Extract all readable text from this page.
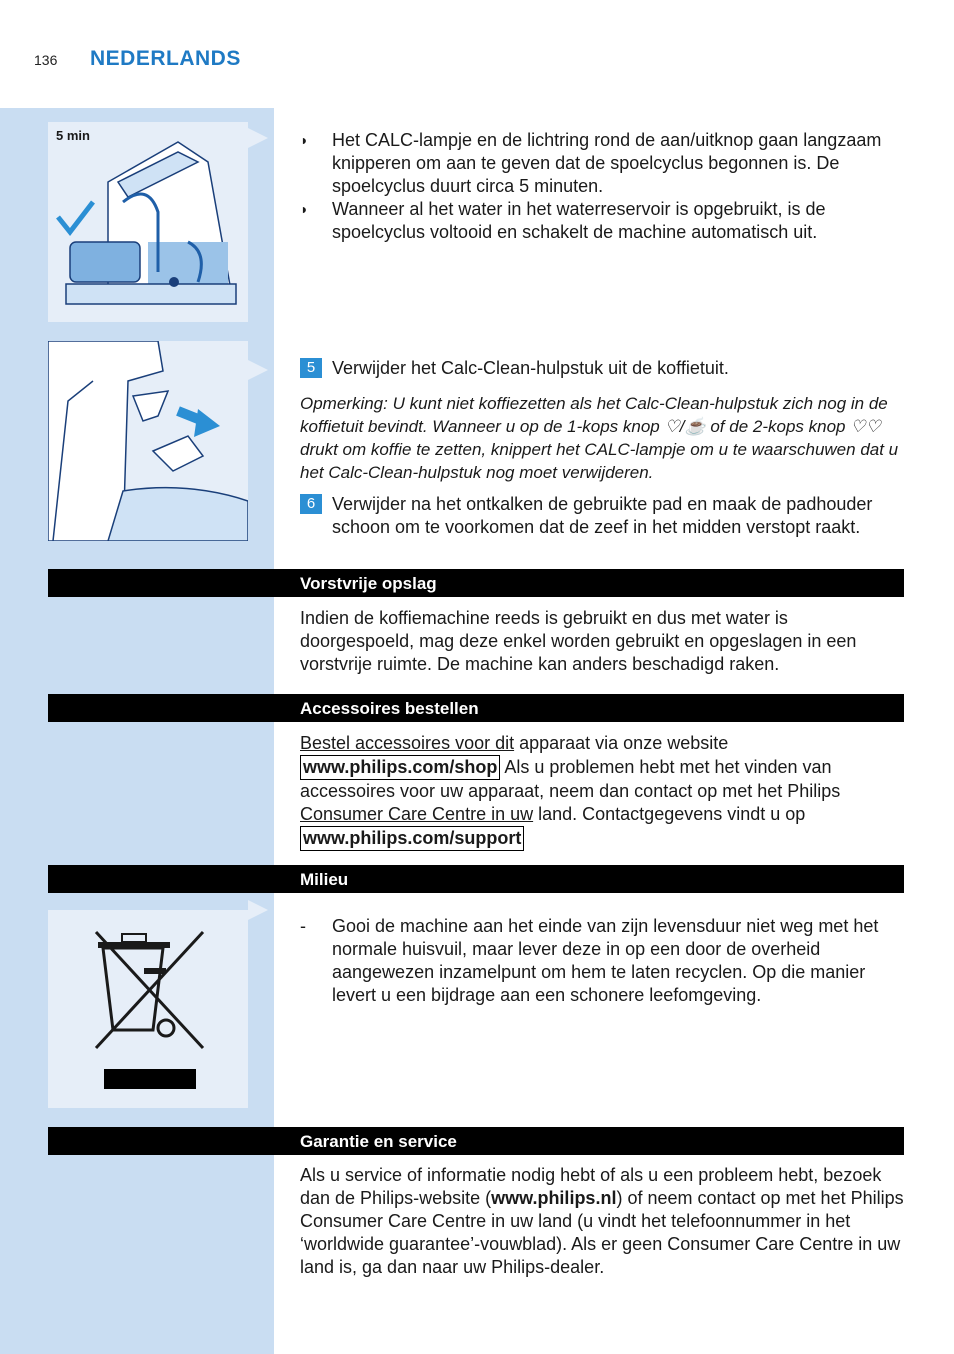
136 NEDERLANDS
5 min	◗ Het CALC-lampje en de lichtring rond de aan/uitknop gaan langzaam knipperen om aan te geven dat de spoelcyclus begonnen is. De spoelcyclus duurt circa 5 minuten.
◗ Wanneer al het water in het waterreservoir is opgebruikt, is de spoelcyclus voltooid en schakelt de machine automatisch uit.
5 Verwijder het Calc-Clean-hulpstuk uit de koffietuit.
Opmerking: U kunt niet koffiezetten als het Calc-Clean-hulpstuk zich nog in de koffietuit bevindt. Wanneer u op de 1-kops knop ♡/☕ of de 2-kops knop ♡♡ drukt om koffie te zetten, knippert het CALC-lampje om u te waarschuwen dat u het Calc-Clean-hulpstuk nog moet verwijderen.
6 Verwijder na het ontkalken de gebruikte pad en maak de padhouder schoon om te voorkomen dat de zeef in het midden verstopt raakt.
Vorstvrije opslag
Indien de koffiemachine reeds is gebruikt en dus met water is doorgespoeld, mag deze enkel worden gebruikt en opgeslagen in een vorstvrije ruimte. De machine kan anders beschadigd raken.
Accessoires bestellen
Bestel accessoires voor dit apparaat via onze website
www.philips.com/shop Als u problemen hebt met het vinden van accessoires voor uw apparaat, neem dan contact op met het Philips Consumer Care Centre in uw land. Contactgegevens vindt u op
www.philips.com/support
Milieu
- Gooi de machine aan het einde van zijn levensduur niet weg met het normale huisvuil, maar lever deze in op een door de overheid aangewezen inzamelpunt om hem te laten recyclen. Op die manier levert u een bijdrage aan een schonere leefomgeving.
Garantie en service
Als u service of informatie nodig hebt of als u een probleem hebt, bezoek dan de Philips-website (www.philips.nl) of neem contact op met het Philips Consumer Care Centre in uw land (u vindt het telefoonnummer in het ‘worldwide guarantee’-vouwblad). Als er geen Consumer Care Centre in uw land is, ga dan naar uw Philips-dealer.
